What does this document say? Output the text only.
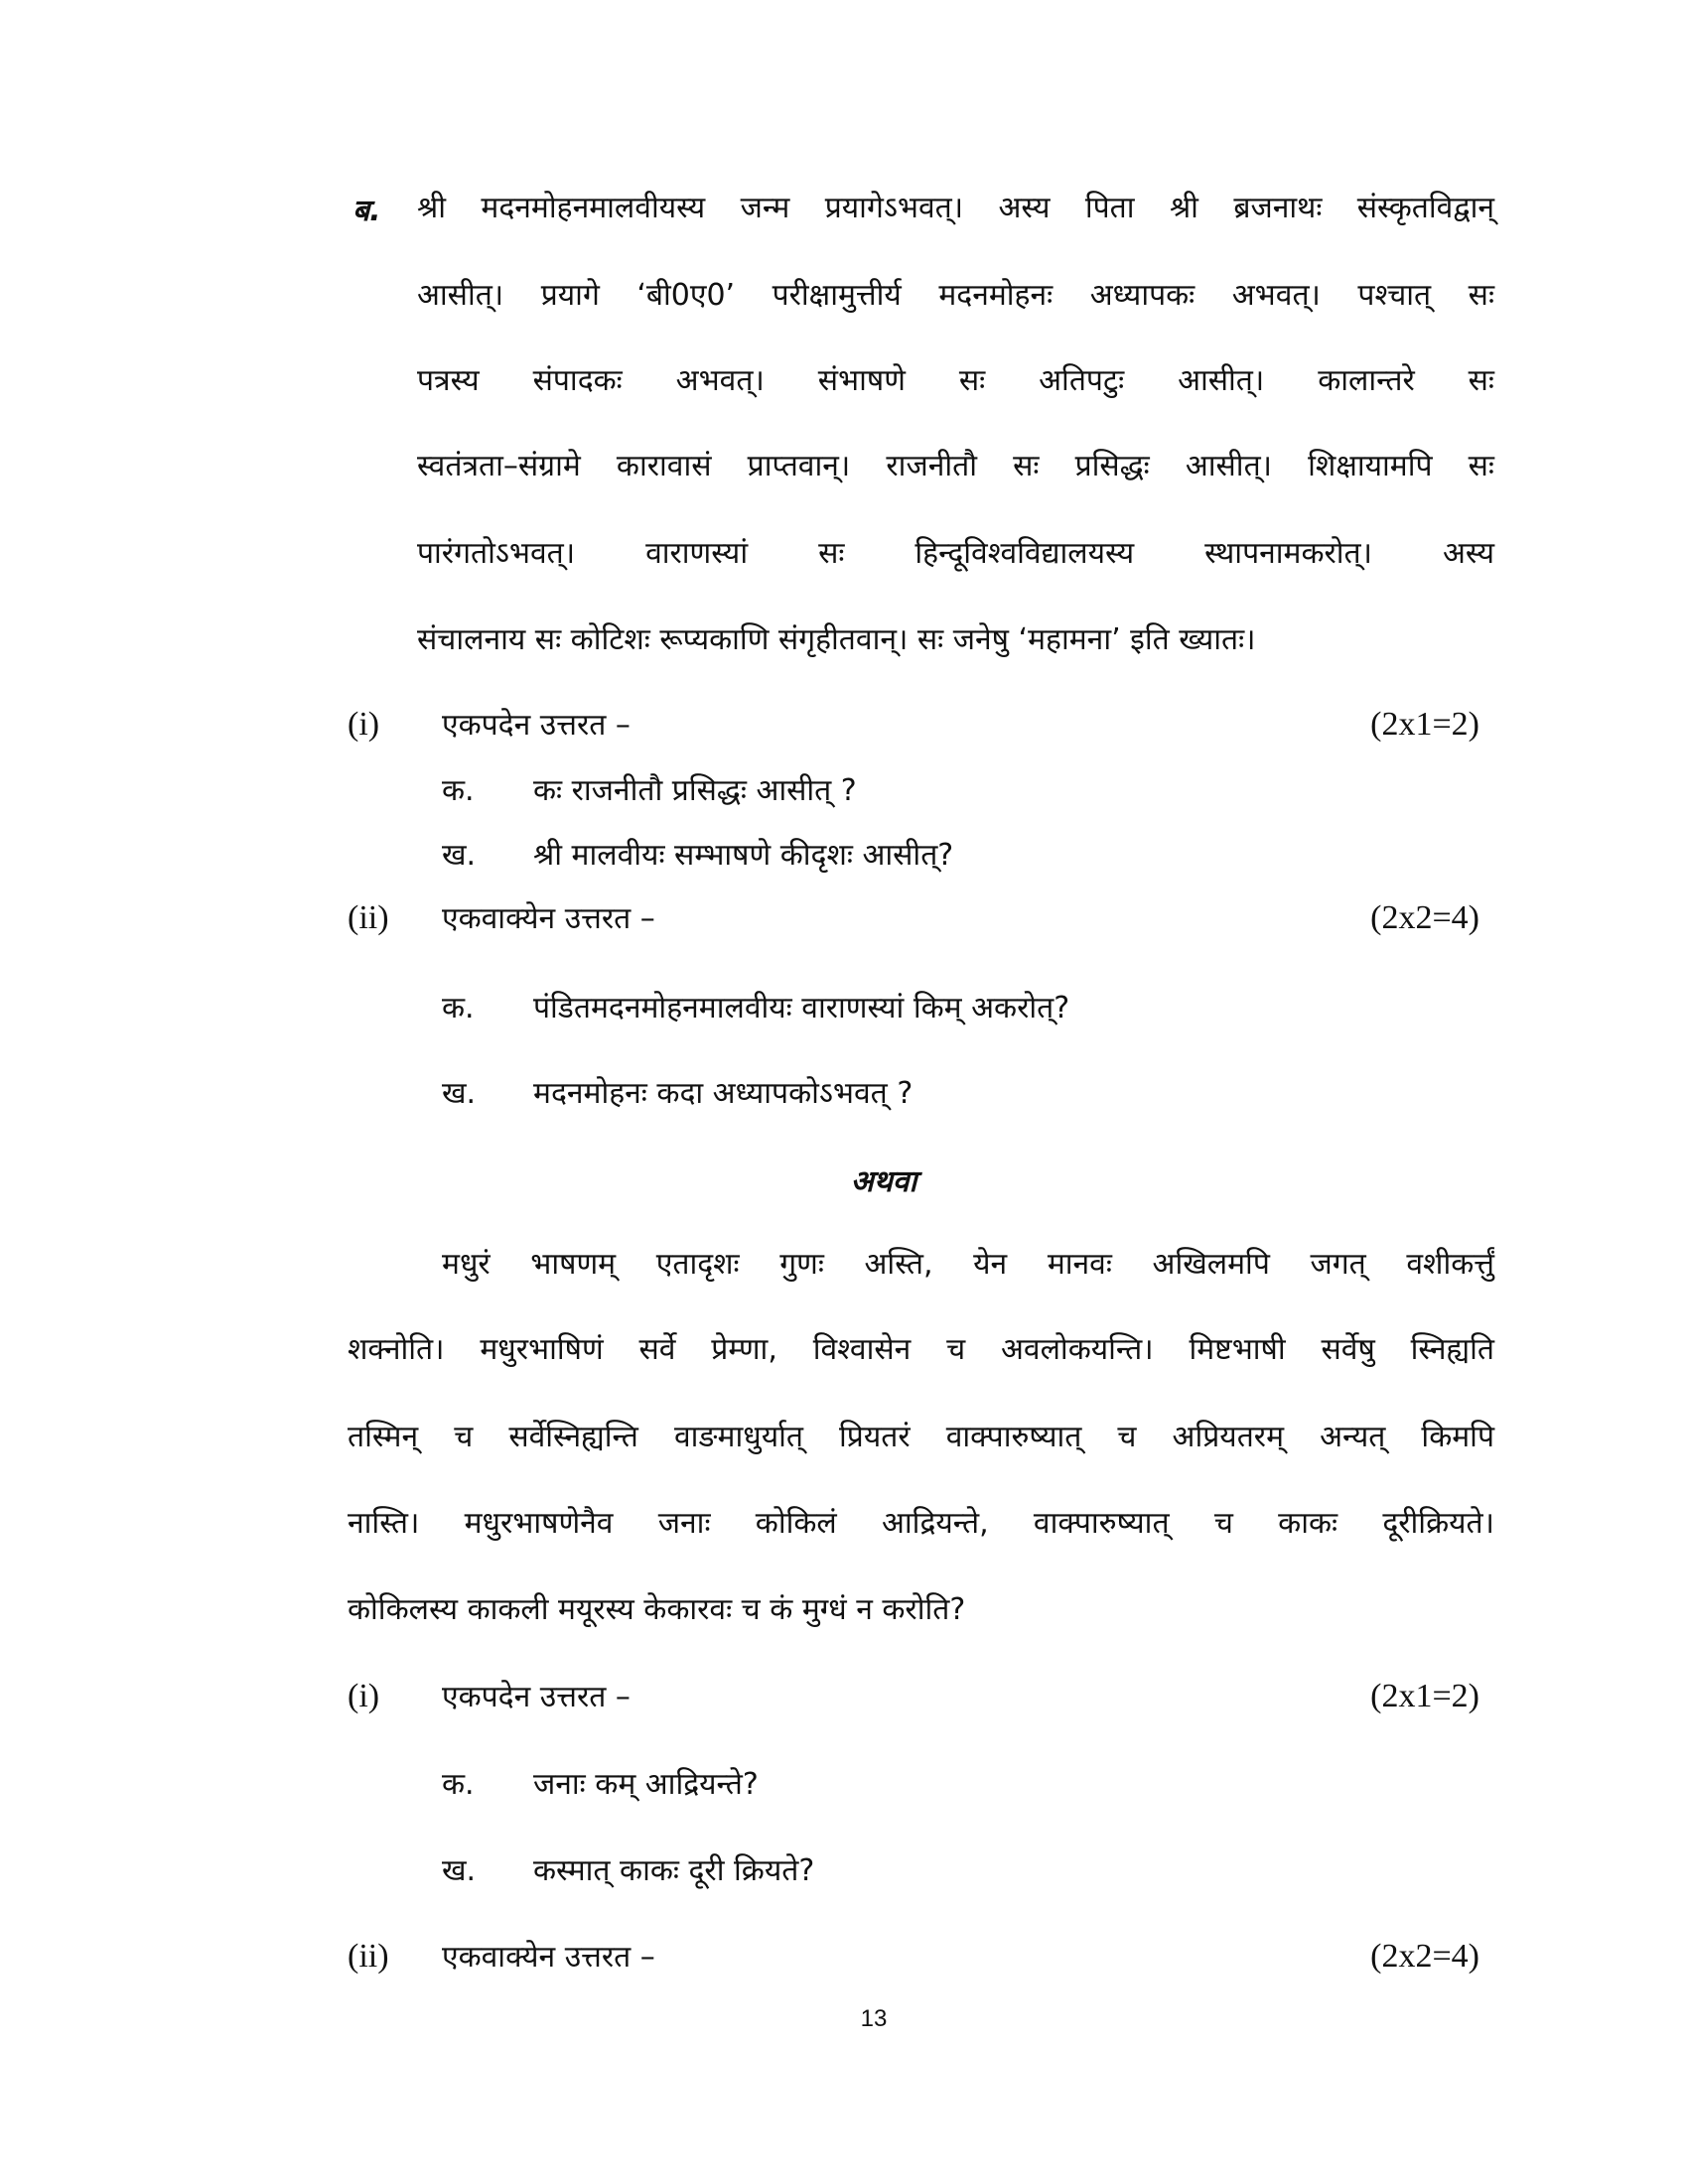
ब. श्री मदनमोहनमालवीयस्य जन्म प्रयागेऽभवत्। अस्य पिता श्री ब्रजनाथः संस्कृतविद्वान्
आसीत्। प्रयागे ‘बी0ए0’ परीक्षामुत्तीर्य मदनमोहनः अध्यापकः अभवत्। पश्चात् सः
पत्रस्य संपादकः अभवत्। संभाषणे सः अतिपटुः आसीत्। कालान्तरे सः
स्वतंत्रता–संग्रामे कारावासं प्राप्तवान्। राजनीतौ सः प्रसिद्धः आसीत्। शिक्षायामपि सः
पारंगतोऽभवत्। वाराणस्यां सः हिन्दूविश्वविद्यालयस्य स्थापनामकरोत्। अस्य
संचालनाय सः कोटिशः रूप्यकाणि संगृहीतवान्। सः जनेषु ‘महामना’ इति ख्यातः।
(i) एकपदेन उत्तरत –	(2x1=2)
क. कः राजनीतौ प्रसिद्धः आसीत् ?
ख. श्री मालवीयः सम्भाषणे कीदृशः आसीत्?
(ii) एकवाक्येन उत्तरत –	(2x2=4)
क. पंडितमदनमोहनमालवीयः वाराणस्यां किम् अकरोत्?
ख. मदनमोहनः कदा अध्यापकोऽभवत् ?
अथवा
मधुरं भाषणम् एतादृशः गुणः अस्ति, येन मानवः अखिलमपि जगत् वशीकर्त्तुं
शक्नोति। मधुरभाषिणं सर्वे प्रेम्णा, विश्वासेन च अवलोकयन्ति। मिष्टभाषी सर्वेषु स्निह्यति
तस्मिन् च सर्वेस्निह्यन्ति वाङमाधुर्यात् प्रियतरं वाक्पारुष्यात् च अप्रियतरम् अन्यत् किमपि
नास्ति। मधुरभाषणेनैव जनाः कोकिलं आद्रियन्ते, वाक्पारुष्यात् च काकः दूरीक्रियते।
कोकिलस्य काकली मयूरस्य केकारवः च कं मुग्धं न करोति?
(i) एकपदेन उत्तरत –	(2x1=2)
क. जनाः कम् आद्रियन्ते?
ख. कस्मात् काकः दूरी क्रियते?
(ii) एकवाक्येन उत्तरत –	(2x2=4)
13
